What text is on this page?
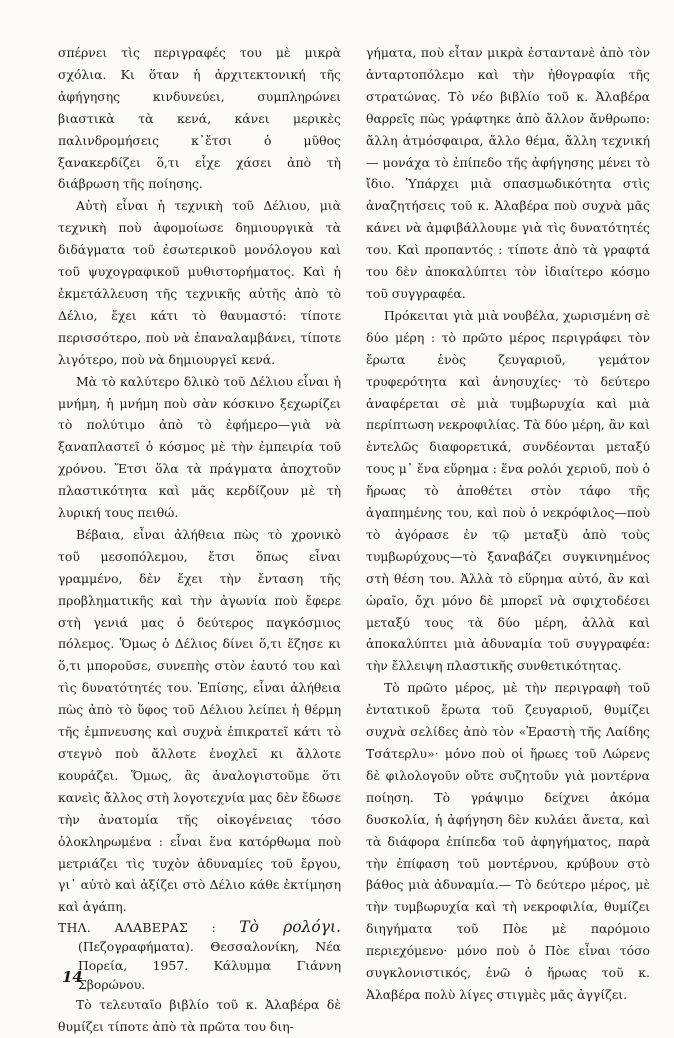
σπέρνει τὶς περιγραφές του μὲ μικρὰ σχόλια. Κι ὅταν ἡ ἀρχιτεκτονική τῆς ἀφήγησης κινδυνεύει, συμπληρώνει βιαστικὰ τὰ κενά, κάνει μερικὲς παλινδρομήσεις κ᾿ἔτσι ὁ μῦθος ξανακερδίζει ὅ,τι εἶχε χάσει ἀπὸ τὴ διάβρωση τῆς ποίησης.

Αὐτὴ εἶναι ἡ τεχνικὴ τοῦ Δέλιου, μιὰ τεχνικὴ ποὺ ἀφομοίωσε δημιουργικὰ τὰ διδάγματα τοῦ ἐσωτερικοῦ μονόλογου καὶ τοῦ ψυχογραφικοῦ μυθιστορήματος. Καὶ ἡ ἐκμετάλλευση τῆς τεχνικῆς αὐτῆς ἀπὸ τὸ Δέλιο, ἔχει κάτι τὸ θαυμαστό: τίποτε περισσότερο, ποὺ νὰ ἐπαναλαμβάνει, τίποτε λιγότερο, ποὺ νὰ δημιουργεῖ κενά.

Μὰ τὸ καλύτερο δλικὸ τοῦ Δέλιου εἶναι ἡ μνήμη, ἡ μνήμη ποὺ σὰν κόσκινο ξεχωρίζει τὸ πολύτιμο ἀπὸ τὸ ἐφήμερο—γιὰ νὰ ξαναπλαστεῖ ὁ κόσμος μὲ τὴν ἐμπειρία τοῦ χρόνου. Ἔτσι ὅλα τὰ πράγματα ἀποχτοῦν πλαστικότητα καὶ μᾶς κερδίζουν μὲ τὴ λυρική τους πειθώ.

Βέβαια, εἶναι ἀλήθεια πὼς τὸ χρονικὸ τοῦ μεσοπόλεμου, ἔτσι ὅπως εἶναι γραμμένο, δὲν ἔχει τὴν ἔνταση τῆς προβληματικῆς καὶ τὴν ἀγωνία ποὺ ἔφερε στὴ γενιά μας ὁ δεύτερος παγκόσμιος πόλεμος. Ὅμως ὁ Δέλιος δίνει ὅ,τι ἔζησε κι ὅ,τι μποροῦσε, συνεπὴς στὸν ἑαυτό του καὶ τὶς δυνατότητές του. Ἐπίσης, εἶναι ἀλήθεια πὼς ἀπὸ τὸ ὕφος τοῦ Δέλιου λείπει ἡ θέρμη τῆς ἐμπνευσης καὶ συχνὰ ἐπικρατεῖ κάτι τὸ στεγνὸ ποὺ ἄλλοτε ἐνοχλεῖ κι ἄλλοτε κουράζει. Ὅμως, ἂς ἀναλογιστοῦμε ὅτι κανεὶς ἄλλος στὴ λογοτεχνία μας δὲν ἔδωσε τὴν ἀνατομία τῆς οἰκογένειας τόσο ὁλοκληρωμένα : εἶναι ἕνα κατόρθωμα ποὺ μετριάζει τὶς τυχὸν ἀδυναμίες τοῦ ἔργου, γι᾿ αὐτὸ καὶ ἀξίζει στὸ Δέλιο κάθε ἐκτίμηση καὶ ἀγάπη.

ΤΗΛ. ΑΛΑΒΕΡΑΣ : Τὸ ρολόγι. (Πεζογραφήματα). Θεσσαλονίκη, Νέα Πορεία, 1957. Κάλυμμα Γιάννη Σβορώνου.

Τὸ τελευταῖο βιβλίο τοῦ κ. Ἀλαβέρα δὲ θυμίζει τίποτε ἀπὸ τὰ πρῶτα του διη-

γήματα, ποὺ εἶταν μικρὰ ἐσταντανὲ ἀπὸ τὸν ἀνταρτοπόλεμο καὶ τὴν ἠθογραφία τῆς στρατώνας. Τὸ νέο βιβλίο τοῦ κ. Ἀλαβέρα θαρρεῖς πὼς γράφτηκε ἀπὸ ἄλλον ἄνθρωπο: ἄλλη ἀτμόσφαιρα, ἄλλο θέμα, ἄλλη τεχνική — μονάχα τὸ ἐπίπεδο τῆς ἀφήγησης μένει τὸ ἴδιο. Ὑπάρχει μιὰ σπασμωδικότητα στὶς ἀναζητήσεις τοῦ κ. Ἀλαβέρα ποὺ συχνὰ μᾶς κάνει νὰ ἀμφιβάλλουμε γιὰ τὶς δυνατότητές του. Καὶ προπαντός : τίποτε ἀπὸ τὰ γραφτά του δὲν ἀποκαλύπτει τὸν ἰδιαίτερο κόσμο τοῦ συγγραφέα.

Πρόκειται γιὰ μιὰ νουβέλα, χωρισμένη σὲ δύο μέρη : τὸ πρῶτο μέρος περιγράφει τὸν ἔρωτα ἑνὸς ζευγαριοῦ, γεμάτον τρυφερότητα καὶ ἀνησυχίες· τὸ δεύτερο ἀναφέρεται σὲ μιὰ τυμβωρυχία καὶ μιὰ περίπτωση νεκροφιλίας. Τὰ δύο μέρη, ἂν καὶ ἐντελῶς διαφορετικά, συνδέονται μεταξύ τους μ᾿ ἕνα εὕρημα : ἕνα ρολόι χεριοῦ, ποὺ ὁ ἥρωας τὸ ἀποθέτει στὸν τάφο τῆς ἀγαπημένης του, καὶ ποὺ ὁ νεκρόφιλος—ποὺ τὸ ἀγόρασε ἐν τῷ μεταξὺ ἀπὸ τοὺς τυμβωρύχους—τὸ ξαναβάζει συγκινημένος στὴ θέση του. Ἀλλὰ τὸ εὕρημα αὐτό, ἂν καὶ ὡραῖο, ὄχι μόνο δὲ μπορεῖ νὰ σφιχτοδέσει μεταξύ τους τὰ δύο μέρη, ἀλλὰ καὶ ἀποκαλύπτει μιὰ ἀδυναμία τοῦ συγγραφέα: τὴν ἔλλειψη πλαστικῆς συνθετικότητας.

Τὸ πρῶτο μέρος, μὲ τὴν περιγραφὴ τοῦ ἐντατικοῦ ἔρωτα τοῦ ζευγαριοῦ, θυμίζει συχνὰ σελίδες ἀπὸ τὸν «Ἐραστὴ τῆς Λαίδης Τσάτερλυ»· μόνο ποὺ οἱ ἥρωες τοῦ Λώρενς δὲ φιλολογοῦν οὔτε συζητοῦν γιὰ μοντέρνα ποίηση. Τὸ γράψιμο δείχνει ἀκόμα δυσκολία, ἡ ἀφήγηση δὲν κυλάει ἄνετα, καὶ τὰ διάφορα ἐπίπεδα τοῦ ἀφηγήματος, παρὰ τὴν ἐπίφαση τοῦ μοντέρνου, κρύβουν στὸ βάθος μιὰ ἀδυναμία.— Τὸ δεύτερο μέρος, μὲ τὴν τυμβωρυχία καὶ τὴ νεκροφιλία, θυμίζει διηγήματα τοῦ Πὸε μὲ παρόμοιο περιεχόμενο· μόνο ποὺ ὁ Πὸε εἶναι τόσο συγκλονιστικός, ἐνῶ ὁ ἥρωας τοῦ κ. Ἀλαβέρα πολὺ λίγες στιγμὲς μᾶς ἀγγίζει.

14
